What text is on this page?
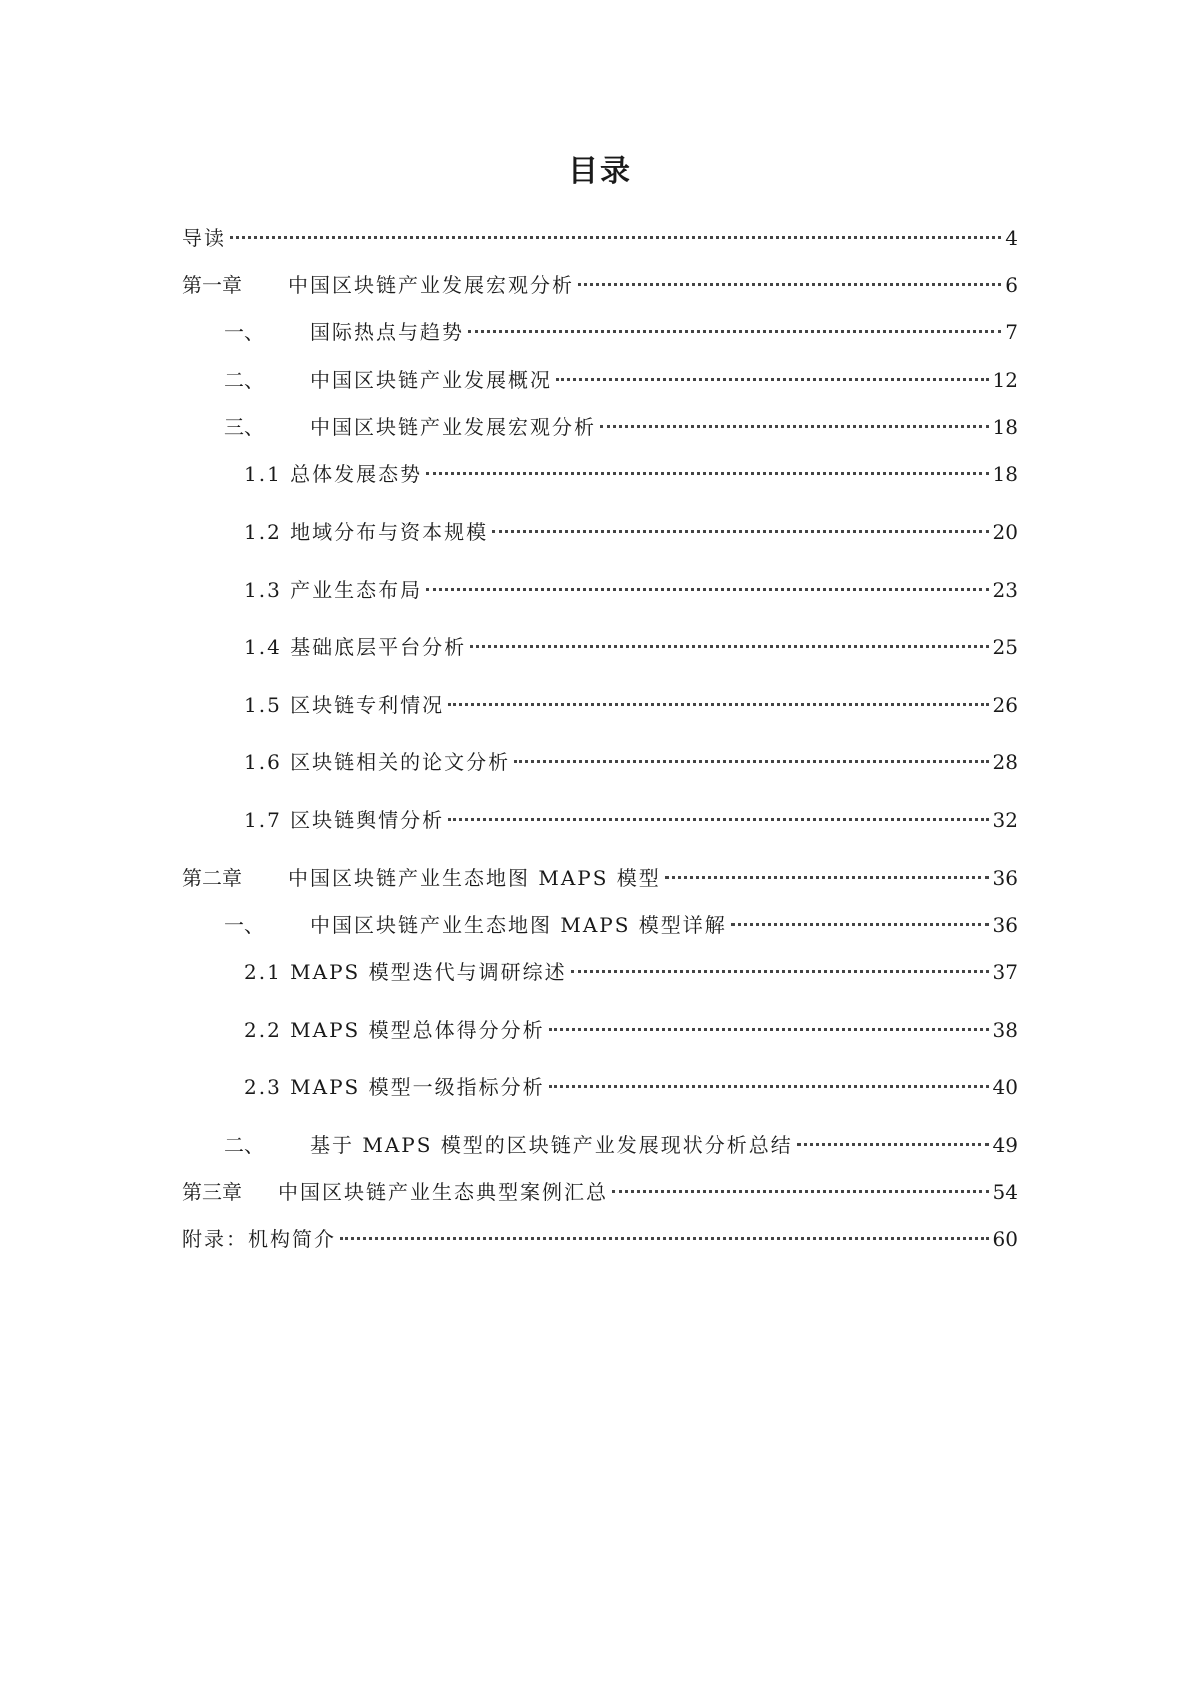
目录
导读	4
第一章	中国区块链产业发展宏观分析	6
一、	国际热点与趋势	7
二、	中国区块链产业发展概况	12
三、	中国区块链产业发展宏观分析	18
1.1 总体发展态势	18
1.2 地域分布与资本规模	20
1.3 产业生态布局	23
1.4 基础底层平台分析	25
1.5 区块链专利情况	26
1.6 区块链相关的论文分析	28
1.7 区块链舆情分析	32
第二章	中国区块链产业生态地图 MAPS 模型	36
一、	中国区块链产业生态地图 MAPS 模型详解	36
2.1 MAPS 模型迭代与调研综述	37
2.2 MAPS 模型总体得分分析	38
2.3 MAPS 模型一级指标分析	40
二、	基于 MAPS 模型的区块链产业发展现状分析总结	49
第三章	中国区块链产业生态典型案例汇总	54
附录：机构简介	60
